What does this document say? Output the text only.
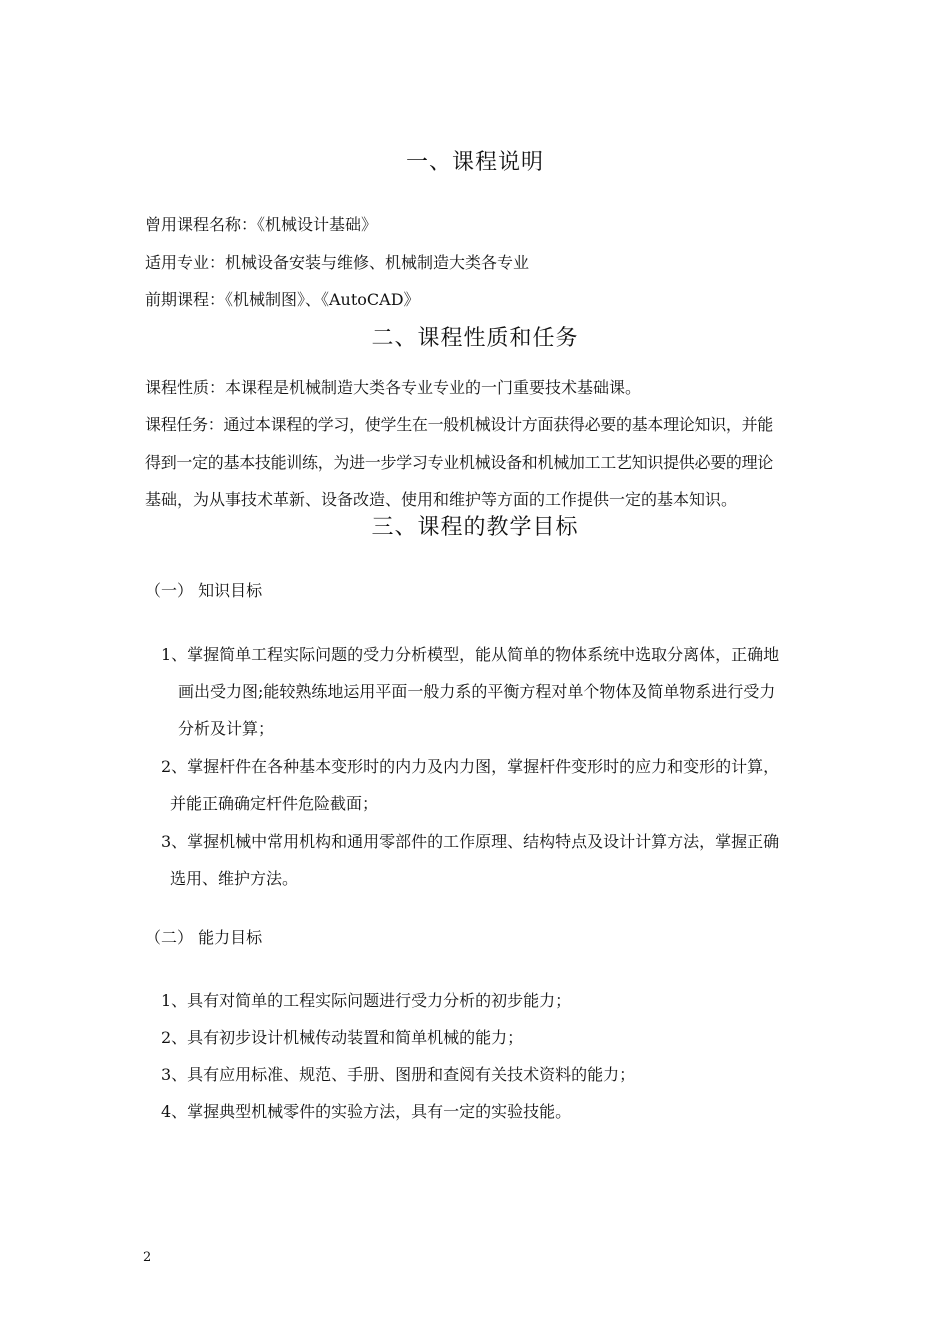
一、课程说明
曾用课程名称：《机械设计基础》
适用专业：机械设备安装与维修、机械制造大类各专业
前期课程：《机械制图》、《AutoCAD》
二、课程性质和任务
课程性质：本课程是机械制造大类各专业专业的一门重要技术基础课。
课程任务：通过本课程的学习，使学生在一般机械设计方面获得必要的基本理论知识，并能
得到一定的基本技能训练，为进一步学习专业机械设备和机械加工工艺知识提供必要的理论
基础，为从事技术革新、设备改造、使用和维护等方面的工作提供一定的基本知识。
三、课程的教学目标
（一） 知识目标
1、掌握简单工程实际问题的受力分析模型，能从简单的物体系统中选取分离体，正确地
画出受力图;能较熟练地运用平面一般力系的平衡方程对单个物体及简单物系进行受力
分析及计算；
2、掌握杆件在各种基本变形时的内力及内力图，掌握杆件变形时的应力和变形的计算，
并能正确确定杆件危险截面；
3、掌握机械中常用机构和通用零部件的工作原理、结构特点及设计计算方法，掌握正确
选用、维护方法。
（二） 能力目标
1、具有对简单的工程实际问题进行受力分析的初步能力；
2、具有初步设计机械传动装置和简单机械的能力；
3、具有应用标准、规范、手册、图册和查阅有关技术资料的能力；
4、掌握典型机械零件的实验方法，具有一定的实验技能。
2
